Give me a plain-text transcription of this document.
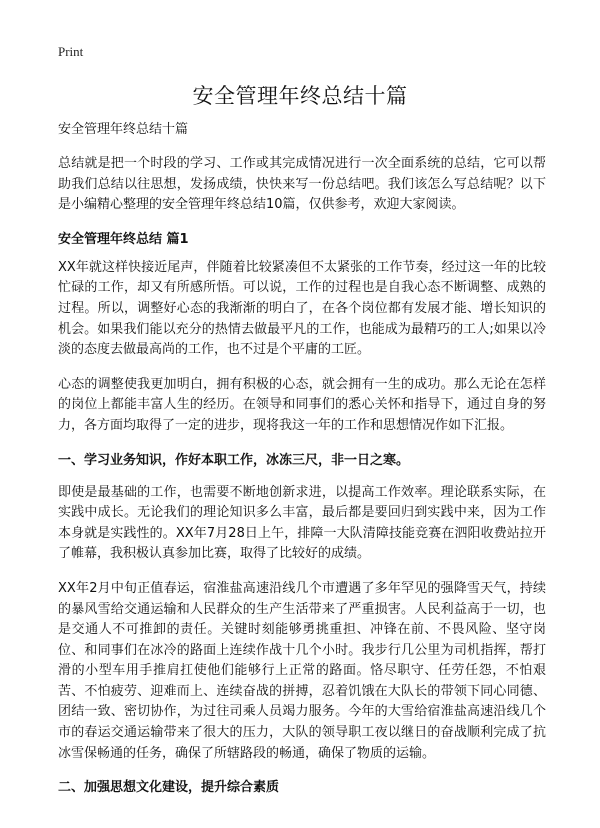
Print
安全管理年终总结十篇

安全管理年终总结十篇

总结就是把一个时段的学习、工作或其完成情况进行一次全面系统的总结，它可以帮助我们总结以往思想，发扬成绩，快快来写一份总结吧。我们该怎么写总结呢？以下是小编精心整理的安全管理年终总结10篇，仅供参考，欢迎大家阅读。

安全管理年终总结 篇1

XX年就这样快接近尾声，伴随着比较紧凑但不太紧张的工作节奏，经过这一年的比较忙碌的工作，却又有所感所悟。可以说，工作的过程也是自我心态不断调整、成熟的过程。所以，调整好心态的我渐渐的明白了，在各个岗位都有发展才能、增长知识的机会。如果我们能以充分的热情去做最平凡的工作，也能成为最精巧的工人;如果以冷淡的态度去做最高尚的工作，也不过是个平庸的工匠。

心态的调整使我更加明白，拥有积极的心态，就会拥有一生的成功。那么无论在怎样的岗位上都能丰富人生的经历。在领导和同事们的悉心关怀和指导下，通过自身的努力，各方面均取得了一定的进步，现将我这一年的工作和思想情况作如下汇报。

一、学习业务知识，作好本职工作，冰冻三尺，非一日之寒。

即使是最基础的工作，也需要不断地创新求进，以提高工作效率。理论联系实际，在实践中成长。无论我们的理论知识多么丰富，最后都是要回归到实践中来，因为工作本身就是实践性的。XX年7月28日上午，排障一大队清障技能竞赛在泗阳收费站拉开了帷幕，我积极认真参加比赛，取得了比较好的成绩。

XX年2月中旬正值春运，宿淮盐高速沿线几个市遭遇了多年罕见的强降雪天气，持续的暴风雪给交通运输和人民群众的生产生活带来了严重损害。人民利益高于一切，也是交通人不可推卸的责任。关键时刻能够勇挑重担、冲锋在前、不畏风险、坚守岗位、和同事们在冰冷的路面上连续作战十几个小时。我步行几公里为司机指挥，帮打滑的小型车用手推肩扛使他们能够行上正常的路面。恪尽职守、任劳任怨，不怕艰苦、不怕疲劳、迎难而上、连续奋战的拼搏，忍着饥饿在大队长的带领下同心同德、团结一致、密切协作，为过往司乘人员竭力服务。今年的大雪给宿淮盐高速沿线几个市的春运交通运输带来了很大的压力，大队的领导职工夜以继日的奋战顺利完成了抗冰雪保畅通的任务，确保了所辖路段的畅通，确保了物质的运输。

二、加强思想文化建设，提升综合素质
